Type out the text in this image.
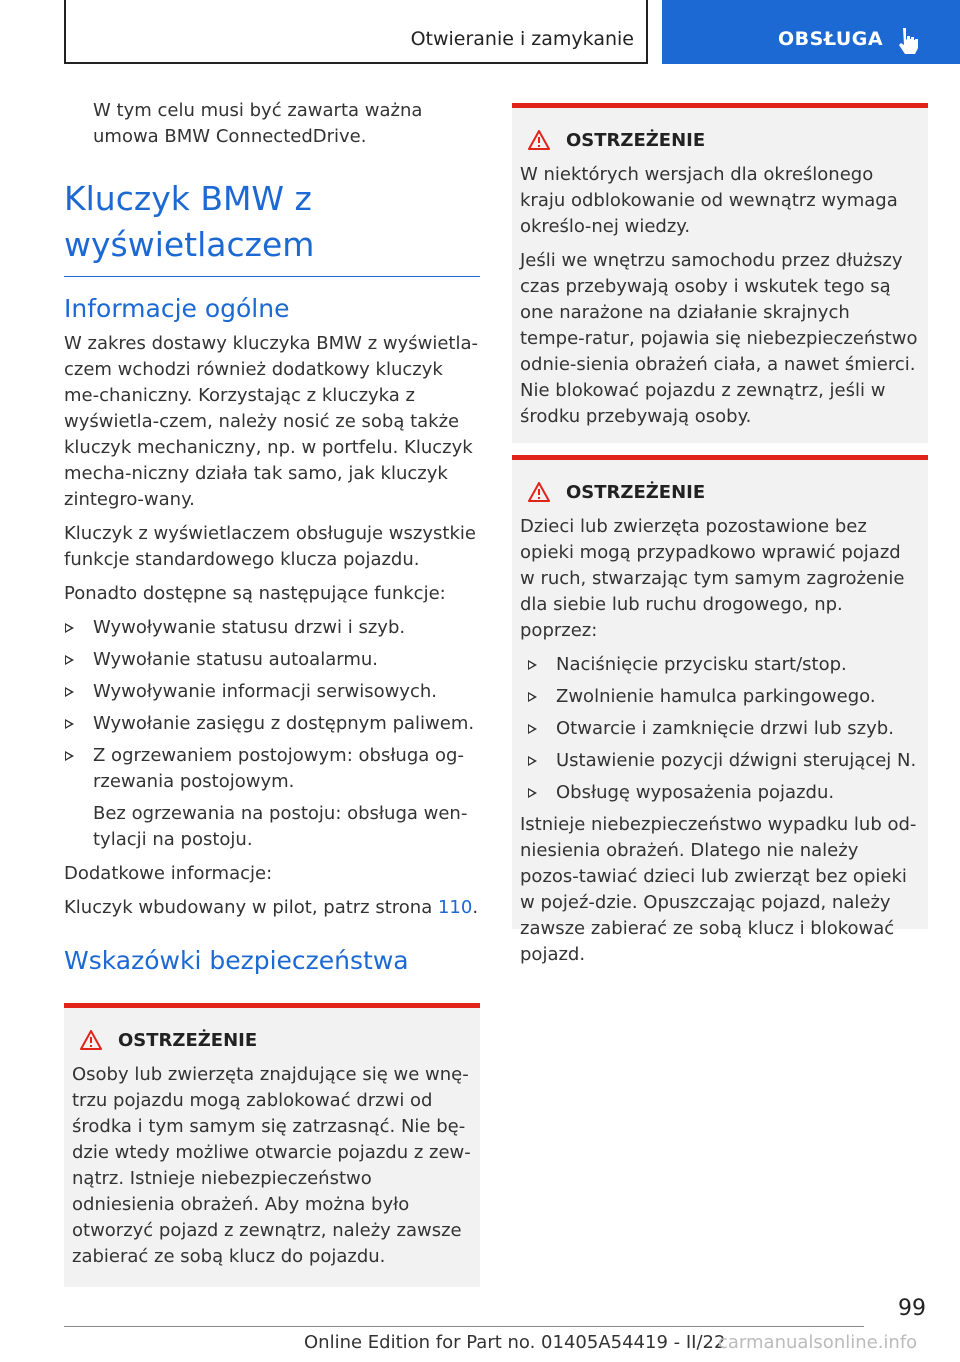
Otwieranie i zamykanie	OBSŁUGA

W tym celu musi być zawarta ważna umowa BMW ConnectedDrive.

Kluczyk BMW z wyświetlaczem
Informacje ogólne

W zakres dostawy kluczyka BMW z wyświetla‐czem wchodzi również dodatkowy kluczyk me‐chaniczny. Korzystając z kluczyka z wyświetla‐czem, należy nosić ze sobą także kluczyk mechaniczny, np. w portfelu. Kluczyk mecha‐niczny działa tak samo, jak kluczyk zintegro‐wany.

Kluczyk z wyświetlaczem obsługuje wszystkie funkcje standardowego klucza pojazdu.

Ponadto dostępne są następujące funkcje:

Wywoływanie statusu drzwi i szyb.
Wywołanie statusu autoalarmu.
Wywoływanie informacji serwisowych.
Wywołanie zasięgu z dostępnym paliwem.
Z ogrzewaniem postojowym: obsługa og‐rzewania postojowym.

Bez ogrzewania na postoju: obsługa wen‐tylacji na postoju.

Dodatkowe informacje:

Kluczyk wbudowany w pilot, patrz strona 110.

Wskazówki bezpieczeństwa
OSTRZEŻENIE

Osoby lub zwierzęta znajdujące się we wnę‐trzu pojazdu mogą zablokować drzwi od środka i tym samym się zatrzasnąć. Nie bę‐dzie wtedy możliwe otwarcie pojazdu z zew‐nątrz. Istnieje niebezpieczeństwo odniesienia obrażeń. Aby można było otworzyć pojazd z zewnątrz, należy zawsze zabierać ze sobą klucz do pojazdu.

OSTRZEŻENIE

W niektórych wersjach dla określonego kraju odblokowanie od wewnątrz wymaga określo‐nej wiedzy.

Jeśli we wnętrzu samochodu przez dłuższy czas przebywają osoby i wskutek tego są one narażone na działanie skrajnych tempe‐ratur, pojawia się niebezpieczeństwo odnie‐sienia obrażeń ciała, a nawet śmierci. Nie blokować pojazdu z zewnątrz, jeśli w środku przebywają osoby.

OSTRZEŻENIE

Dzieci lub zwierzęta pozostawione bez opieki mogą przypadkowo wprawić pojazd w ruch, stwarzając tym samym zagrożenie dla siebie lub ruchu drogowego, np. poprzez:

Naciśnięcie przycisku start/stop.
Zwolnienie hamulca parkingowego.
Otwarcie i zamknięcie drzwi lub szyb.
Ustawienie pozycji dźwigni sterującej N.
Obsługę wyposażenia pojazdu.

Istnieje niebezpieczeństwo wypadku lub od‐niesienia obrażeń. Dlatego nie należy pozos‐tawiać dzieci lub zwierząt bez opieki w pojeź‐dzie. Opuszczając pojazd, należy zawsze zabierać ze sobą klucz i blokować pojazd.

99
Online Edition for Part no. 01405A54419 - II/22
carmanualsonline.info
